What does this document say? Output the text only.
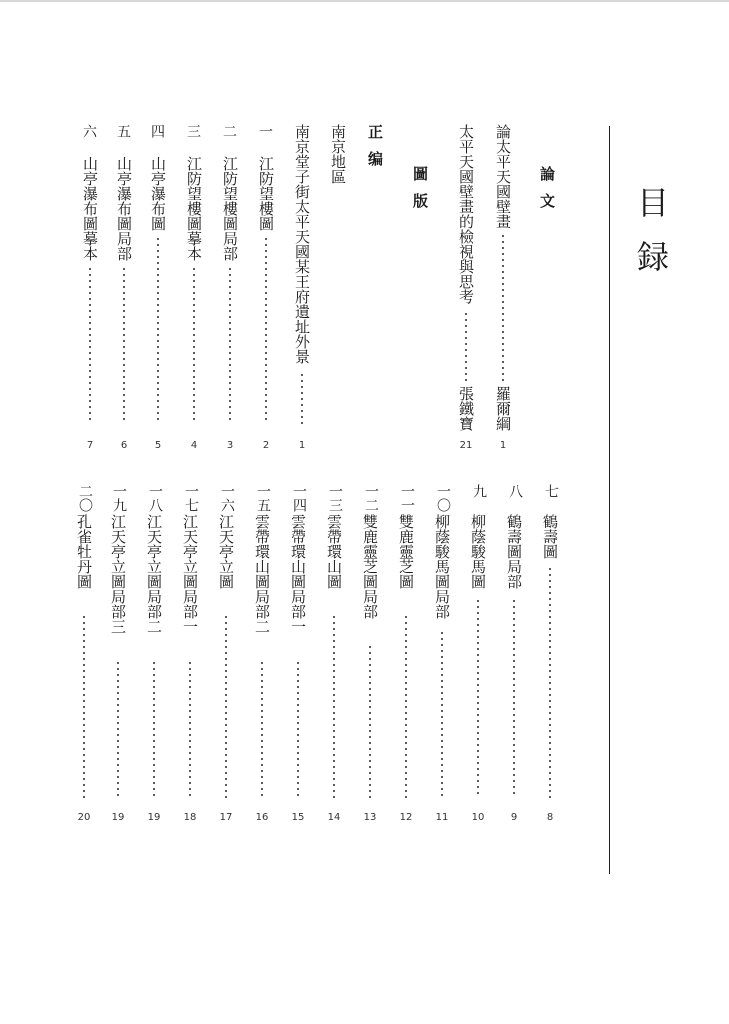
目録
論文
論太平天國壁畫
羅爾綱
1
太平天國壁畫的檢視與思考
張鐵寶
21
圖版
正编
南京地區
南京堂子街太平天國某王府遺址外景
1
一
江防望樓圖
2
二
江防望樓圖局部
3
三
江防望樓圖摹本
4
四
山亭瀑布圖
5
五
山亭瀑布圖局部
6
六
山亭瀑布圖摹本
7
七
鶴壽圖
8
八
鶴壽圖局部
9
九
柳蔭駿馬圖
10
一〇
柳蔭駿馬圖局部
11
一一
雙鹿靈芝圖
12
一二
雙鹿靈芝圖局部
13
一三
雲帶環山圖
14
一四
雲帶環山圖局部一
15
一五
雲帶環山圖局部二
16
一六
江天亭立圖
17
一七
江天亭立圖局部一
18
一八
江天亭立圖局部二
19
一九
江天亭立圖局部三
19
二〇
孔雀牡丹圖
20
